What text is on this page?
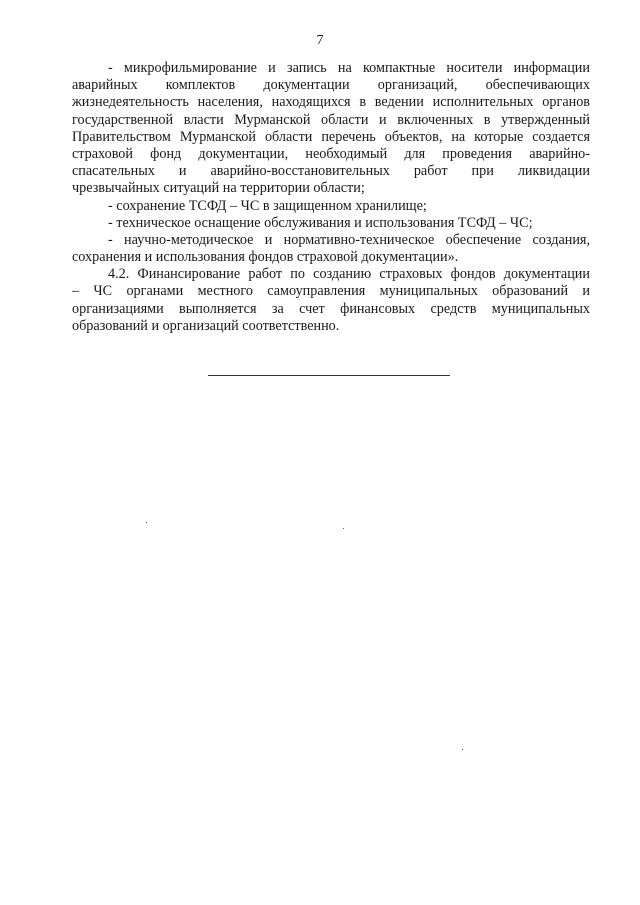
7
- микрофильмирование и запись на компактные носители информации
аварийных комплектов документации организаций, обеспечивающих
жизнедеятельность населения, находящихся в ведении исполнительных органов
государственной власти Мурманской области и включенных в утвержденный
Правительством Мурманской области перечень объектов, на которые создается
страховой фонд документации, необходимый для проведения аварийно-
спасательных и аварийно-восстановительных работ при ликвидации
чрезвычайных ситуаций на территории области;
- сохранение ТСФД – ЧС в защищенном хранилище;
- техническое оснащение обслуживания и использования ТСФД – ЧС;
- научно-методическое и нормативно-техническое обеспечение создания,
сохранения и использования фондов страховой документации».
4.2. Финансирование работ по созданию страховых фондов документации
– ЧС органами местного самоуправления муниципальных образований и
организациями выполняется за счет финансовых средств муниципальных
образований и организаций соответственно.
